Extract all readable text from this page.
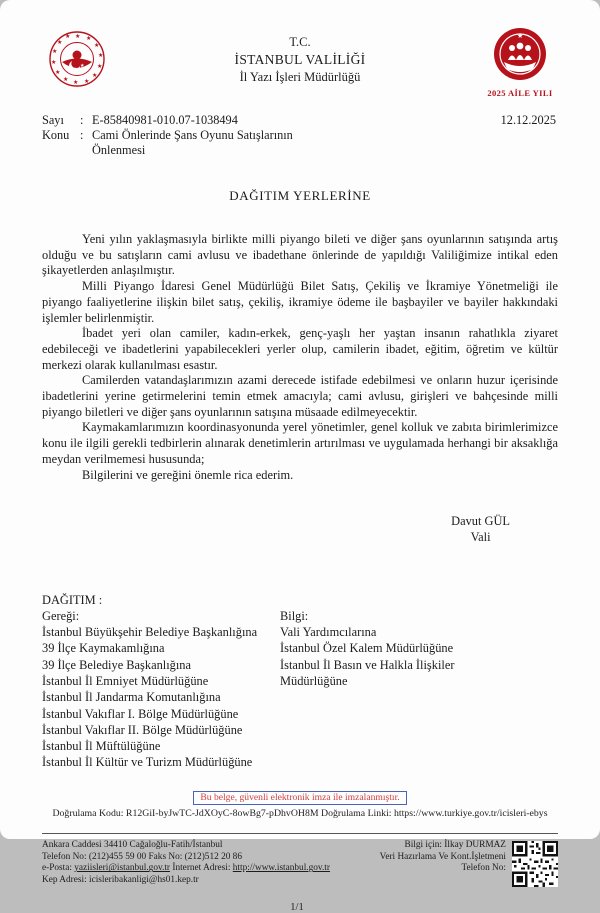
★ ★
★
★
★
★
★
★
★
★
★
★
★
★
★
T.C.
İSTANBUL VALİLİĞİ
İl Yazı İşleri Müdürlüğü
★
2025 AİLE YILI
Sayı	: E-85840981-010.07-1038494
Konu : Cami Önlerinde Şans Oyunu Satışlarının Önlenmesi
12.12.2025
DAĞITIM YERLERİNE

Yeni yılın yaklaşmasıyla birlikte milli piyango bileti ve diğer şans oyunlarının satışında artış olduğu ve bu satışların cami avlusu ve ibadethane önlerinde de yapıldığı Valiliğimize intikal eden şikayetlerden anlaşılmıştır.

Milli Piyango İdaresi Genel Müdürlüğü Bilet Satış, Çekiliş ve İkramiye Yönetmeliği ile piyango faaliyetlerine ilişkin bilet satış, çekiliş, ikramiye ödeme ile başbayiler ve bayiler hakkındaki işlemler belirlenmiştir.

İbadet yeri olan camiler, kadın-erkek, genç-yaşlı her yaştan insanın rahatlıkla ziyaret edebileceği ve ibadetlerini yapabilecekleri yerler olup, camilerin ibadet, eğitim, öğretim ve kültür merkezi olarak kullanılması esastır.

Camilerden vatandaşlarımızın azami derecede istifade edebilmesi ve onların huzur içerisinde ibadetlerini yerine getirmelerini temin etmek amacıyla; cami avlusu, girişleri ve bahçesinde milli piyango biletleri ve diğer şans oyunlarının satışına müsaade edilmeyecektir.

Kaymakamlarımızın koordinasyonunda yerel yönetimler, genel kolluk ve zabıta birimlerimizce konu ile ilgili gerekli tedbirlerin alınarak denetimlerin artırılması ve uygulamada herhangi bir aksaklığa meydan verilmemesi hususunda;

Bilgilerini ve gereğini önemle rica ederim.

Davut GÜL
Vali
DAĞITIM :
Gereği:
İstanbul Büyükşehir Belediye Başkanlığına
39 İlçe Kaymakamlığına
39 İlçe Belediye Başkanlığına
İstanbul İl Emniyet Müdürlüğüne
İstanbul İl Jandarma Komutanlığına
İstanbul Vakıflar I. Bölge Müdürlüğüne
İstanbul Vakıflar II. Bölge Müdürlüğüne
İstanbul İl Müftülüğüne
İstanbul İl Kültür ve Turizm Müdürlüğüne
Bilgi:
Vali Yardımcılarına
İstanbul Özel Kalem Müdürlüğüne
İstanbul İl Basın ve Halkla İlişkiler Müdürlüğüne
Bu belge, güvenli elektronik imza ile imzalanmıştır.
Doğrulama Kodu: R12GiI-byJwTC-JdXOyC-8owBg7-pDhvOH8M Doğrulama Linki: https://www.turkiye.gov.tr/icisleri-ebys
Ankara Caddesi 34410 Cağaloğlu-Fatih/İstanbul
Telefon No: (212)455 59 00 Faks No: (212)512 20 86
e-Posta: yaziisleri@istanbul.gov.tr İnternet Adresi: http://www.istanbul.gov.tr
Kep Adresi: icisleribakanligi@hs01.kep.tr
Bilgi için: İlkay DURMAZ
Veri Hazırlama Ve Kont.İşletmeni
Telefon No:
1/1
